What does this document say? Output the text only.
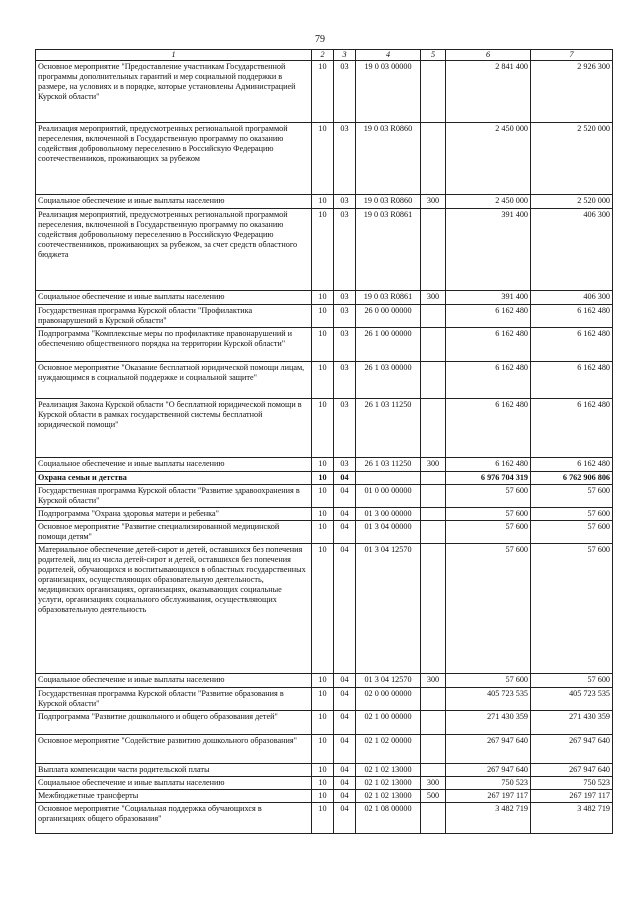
79
1	2	3	4	5	6	7
Основное мероприятие "Предоставление участникам Государственной программы дополнительных гарантий и мер социальной поддержки в размере, на условиях и в порядке, которые установлены Администрацией Курской области"	10	03	19 0 03 00000		2 841 400	2 926 300
Реализация мероприятий, предусмотренных региональной программой переселения, включенной в Государственную программу по оказанию содействия добровольному переселению в Российскую Федерацию соотечественников, проживающих за рубежом	10	03	19 0 03 R0860		2 450 000	2 520 000
Социальное обеспечение и иные выплаты населению	10	03	19 0 03 R0860	300	2 450 000	2 520 000
Реализация мероприятий, предусмотренных региональной программой переселения, включенной в Государственную программу по оказанию содействия добровольному переселению в Российскую Федерацию соотечественников, проживающих за рубежом, за счет средств областного бюджета	10	03	19 0 03 R0861		391 400	406 300
Социальное обеспечение и иные выплаты населению	10	03	19 0 03 R0861	300	391 400	406 300
Государственная программа Курской области "Профилактика правонарушений в Курской области"	10	03	26 0 00 00000		6 162 480	6 162 480
Подпрограмма "Комплексные меры по профилактике правонарушений и обеспечению общественного порядка на территории Курской области"	10	03	26 1 00 00000		6 162 480	6 162 480
Основное мероприятие "Оказание бесплатной юридической помощи лицам, нуждающимся в социальной поддержке и социальной защите"	10	03	26 1 03 00000		6 162 480	6 162 480
Реализация Закона Курской области "О бесплатной юридической помощи в Курской области в рамках государственной системы бесплатной юридической помощи"	10	03	26 1 03 11250		6 162 480	6 162 480
Социальное обеспечение и иные выплаты населению	10	03	26 1 03 11250	300	6 162 480	6 162 480
Охрана семьи и детства	10	04			6 976 704 319	6 762 906 806
Государственная программа Курской области "Развитие здравоохранения в Курской области"	10	04	01 0 00 00000		57 600	57 600
Подпрограмма "Охрана здоровья матери и ребенка"	10	04	01 3 00 00000		57 600	57 600
Основное мероприятие "Развитие специализированной медицинской помощи детям"	10	04	01 3 04 00000		57 600	57 600
Материальное обеспечение детей-сирот и детей, оставшихся без попечения родителей, лиц из числа детей-сирот и детей, оставшихся без попечения родителей, обучающихся и воспитывающихся в областных государственных организациях, осуществляющих образовательную деятельность, медицинских организациях, организациях, оказывающих социальные услуги, организациях социального обслуживания, осуществляющих образовательную деятельность	10	04	01 3 04 12570		57 600	57 600
Социальное обеспечение и иные выплаты населению	10	04	01 3 04 12570	300	57 600	57 600
Государственная программа Курской области "Развитие образования в Курской области"	10	04	02 0 00 00000		405 723 535	405 723 535
Подпрограмма "Развитие дошкольного и общего образования детей"	10	04	02 1 00 00000		271 430 359	271 430 359
Основное мероприятие "Содействие развитию дошкольного образования"	10	04	02 1 02 00000		267 947 640	267 947 640
Выплата компенсации части родительской платы	10	04	02 1 02 13000		267 947 640	267 947 640
Социальное обеспечение и иные выплаты населению	10	04	02 1 02 13000	300	750 523	750 523
Межбюджетные трансферты	10	04	02 1 02 13000	500	267 197 117	267 197 117
Основное мероприятие "Социальная поддержка обучающихся в организациях общего образования"	10	04	02 1 08 00000		3 482 719	3 482 719
